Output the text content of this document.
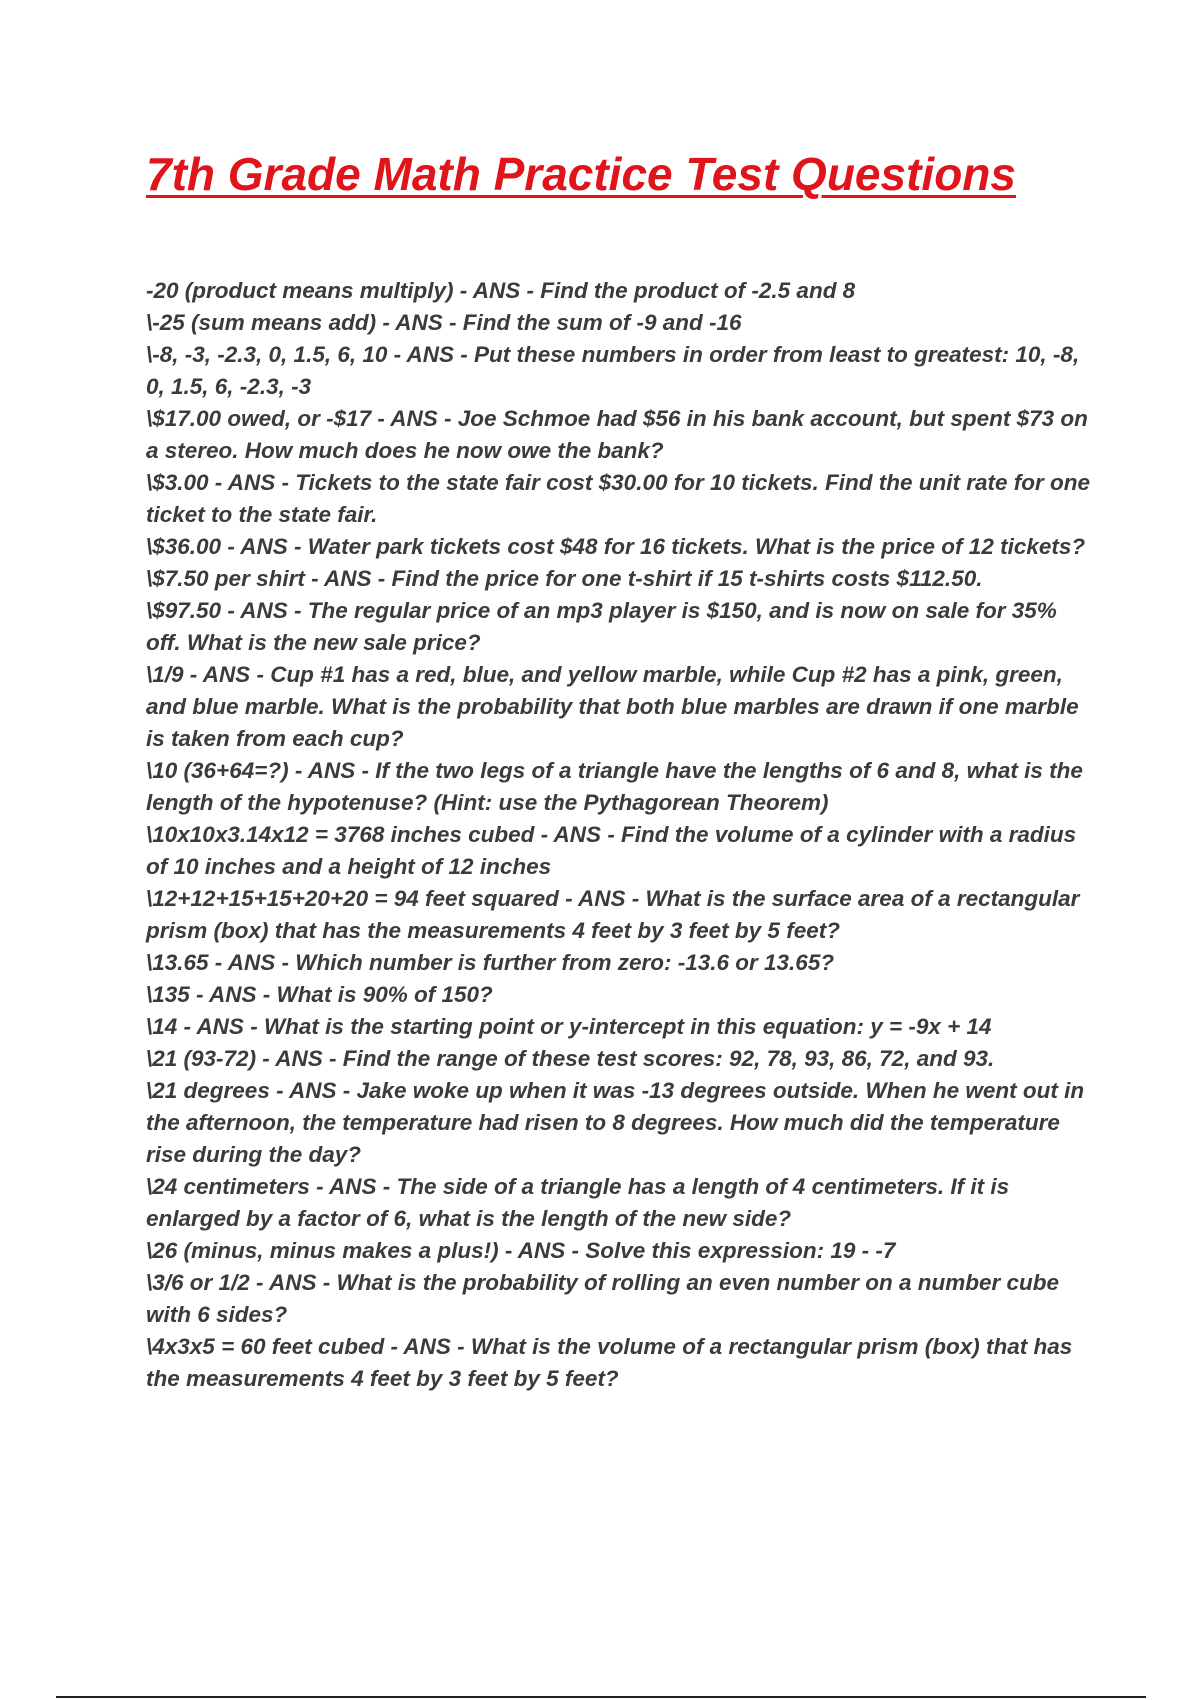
7th Grade Math Practice Test Questions
-20 (product means multiply) - ANS - Find the product of -2.5 and 8
\-25 (sum means add) - ANS - Find the sum of -9 and -16
\-8, -3, -2.3, 0, 1.5, 6, 10 - ANS - Put these numbers in order from least to greatest: 10, -8, 0, 1.5, 6, -2.3, -3
\$17.00 owed, or -$17 - ANS - Joe Schmoe had $56 in his bank account, but spent $73 on a stereo. How much does he now owe the bank?
\$3.00 - ANS - Tickets to the state fair cost $30.00 for 10 tickets. Find the unit rate for one ticket to the state fair.
\$36.00 - ANS - Water park tickets cost $48 for 16 tickets. What is the price of 12 tickets?
\$7.50 per shirt - ANS - Find the price for one t-shirt if 15 t-shirts costs $112.50.
\$97.50 - ANS - The regular price of an mp3 player is $150, and is now on sale for 35% off. What is the new sale price?
\1/9 - ANS - Cup #1 has a red, blue, and yellow marble, while Cup #2 has a pink, green, and blue marble. What is the probability that both blue marbles are drawn if one marble is taken from each cup?
\10 (36+64=?) - ANS - If the two legs of a triangle have the lengths of 6 and 8, what is the length of the hypotenuse? (Hint: use the Pythagorean Theorem)
\10x10x3.14x12 = 3768 inches cubed - ANS - Find the volume of a cylinder with a radius of 10 inches and a height of 12 inches
\12+12+15+15+20+20 = 94 feet squared - ANS - What is the surface area of a rectangular prism (box) that has the measurements 4 feet by 3 feet by 5 feet?
\13.65 - ANS - Which number is further from zero: -13.6 or 13.65?
\135 - ANS - What is 90% of 150?
\14 - ANS - What is the starting point or y-intercept in this equation: y = -9x + 14
\21 (93-72) - ANS - Find the range of these test scores: 92, 78, 93, 86, 72, and 93.
\21 degrees - ANS - Jake woke up when it was -13 degrees outside. When he went out in the afternoon, the temperature had risen to 8 degrees. How much did the temperature rise during the day?
\24 centimeters - ANS - The side of a triangle has a length of 4 centimeters. If it is enlarged by a factor of 6, what is the length of the new side?
\26 (minus, minus makes a plus!) - ANS - Solve this expression: 19 - -7
\3/6 or 1/2 - ANS - What is the probability of rolling an even number on a number cube with 6 sides?
\4x3x5 = 60 feet cubed - ANS - What is the volume of a rectangular prism (box) that has the measurements 4 feet by 3 feet by 5 feet?
